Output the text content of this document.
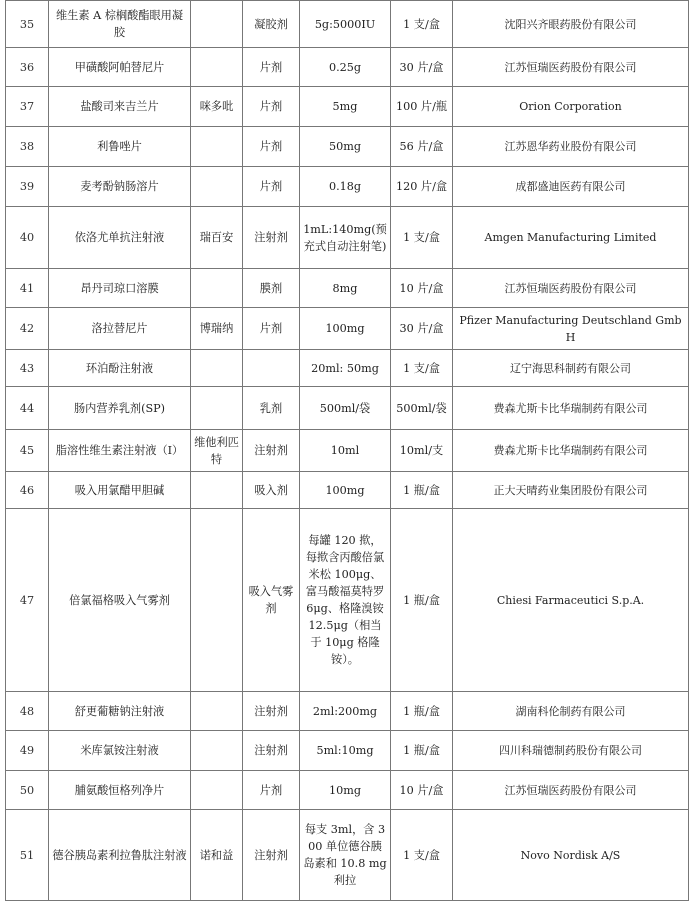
35	维生素 A 棕榈酸酯眼用凝胶		凝胶剂	5g:5000IU	1 支/盒	沈阳兴齐眼药股份有限公司
36	甲磺酸阿帕替尼片		片剂	0.25g	30 片/盒	江苏恒瑞医药股份有限公司
37	盐酸司来吉兰片	咪多吡	片剂	5mg	100 片/瓶	Orion Corporation
38	利鲁唑片		片剂	50mg	56 片/盒	江苏恩华药业股份有限公司
39	麦考酚钠肠溶片		片剂	0.18g	120 片/盒	成都盛迪医药有限公司
40	依洛尤单抗注射液	瑞百安	注射剂	1mL:140mg(预充式自动注射笔)	1 支/盒	Amgen Manufacturing Limited
41	昂丹司琼口溶膜		膜剂	8mg	10 片/盒	江苏恒瑞医药股份有限公司
42	洛拉替尼片	博瑞纳	片剂	100mg	30 片/盒	Pfizer Manufacturing Deutschland GmbH
43	环泊酚注射液			20ml: 50mg	1 支/盒	辽宁海思科制药有限公司
44	肠内营养乳剂(SP)		乳剂	500ml/袋	500ml/袋	费森尤斯卡比华瑞制药有限公司
45	脂溶性维生素注射液（Ⅰ）	维他利匹特	注射剂	10ml	10ml/支	费森尤斯卡比华瑞制药有限公司
46	吸入用氯醋甲胆碱		吸入剂	100mg	1 瓶/盒	正大天晴药业集团股份有限公司
47	倍氯福格吸入气雾剂		吸入气雾剂	每罐 120 揿，每揿含丙酸倍氯米松 100μg、富马酸福莫特罗 6μg、格隆溴铵 12.5μg（相当于 10μg 格隆铵）。	1 瓶/盒	Chiesi Farmaceutici S.p.A.
48	舒更葡糖钠注射液		注射剂	2ml:200mg	1 瓶/盒	湖南科伦制药有限公司
49	米库氯铵注射液		注射剂	5ml:10mg	1 瓶/盒	四川科瑞德制药股份有限公司
50	脯氨酸恒格列净片		片剂	10mg	10 片/盒	江苏恒瑞医药股份有限公司
51	德谷胰岛素利拉鲁肽注射液	诺和益	注射剂	每支 3ml，含 300 单位德谷胰岛素和 10.8 mg 利拉	1 支/盒	Novo Nordisk A/S
